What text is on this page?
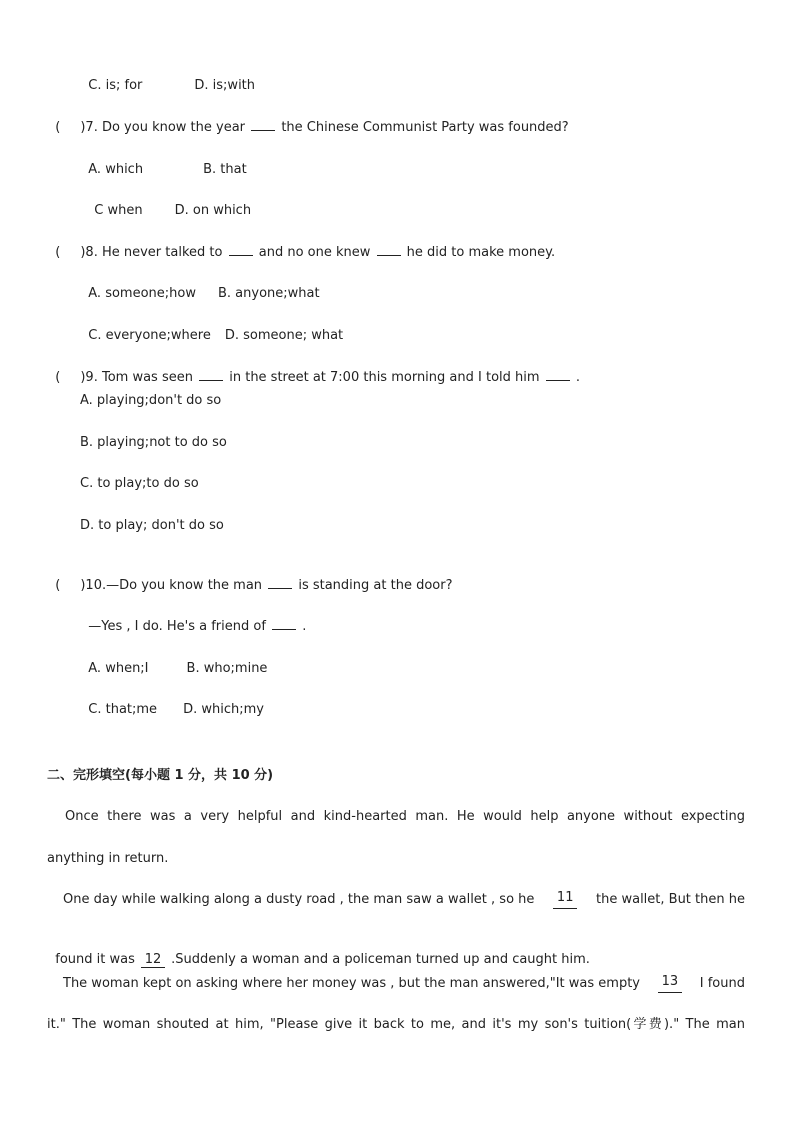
C. is; for	D. is;with

( )7. Do you know the year	the Chinese Communist Party was founded?

A. which	B. that

C when D. on which

( )8. He never talked to	and no one knew	he did to make money.

A. someone;how B. anyone;what

C. everyone;where D. someone; what

( )9. Tom was seen	in the street at 7:00 this morning and I told him	.

A. playing;don't do so
B. playing;not to do so
C. to play;to do so
D. to play; don't do so

( )10.—Do you know the man	is standing at the door?

—Yes , I do. He's a friend of	.

A. when;I	B. who;mine

C. that;me D. which;my

二、完形填空(每小题 1 分，共 10 分)
Once there was a very helpful and kind-hearted man. He would help anyone without expecting
anything in return.
One day while walking along a dusty road , the man saw a wallet , so he 11 the wallet, But then he

found it was 12 .Suddenly a woman and a policeman turned up and caught him.

The woman kept on asking where her money was , but the man answered,"It was empty 13 I found
it." The woman shouted at him, "Please give it back to me, and it's my son's tuition(学费)." The man
